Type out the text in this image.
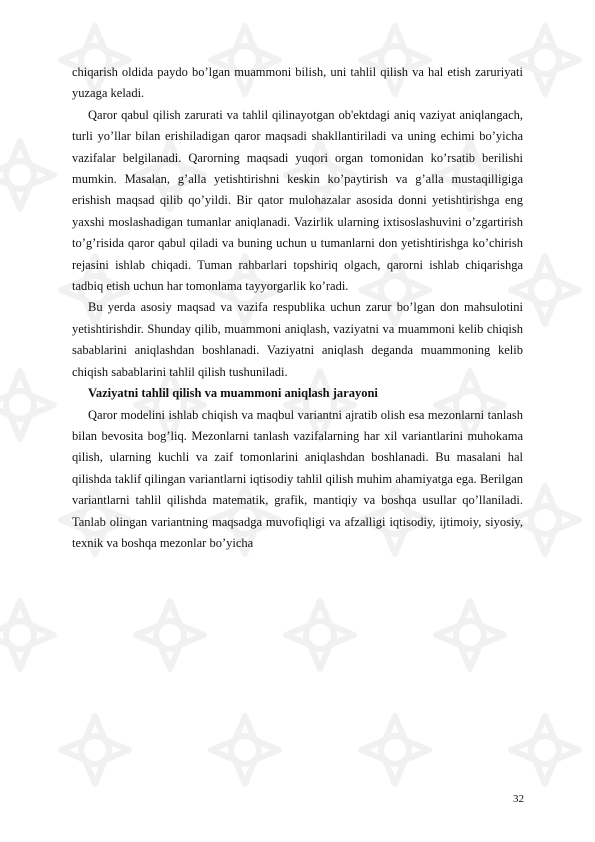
chiqarish oldida paydo bo’lgan muammoni bilish, uni tahlil qilish va hal etish zaruriyati yuzaga keladi.

Qaror qabul qilish zarurati va tahlil qilinayotgan ob'ektdagi aniq vaziyat aniqlangach, turli yo’llar bilan erishiladigan qaror maqsadi shakllantiriladi va uning echimi bo’yicha vazifalar belgilanadi. Qarorning maqsadi yuqori organ tomonidan ko’rsatib berilishi mumkin. Masalan, g’alla yetishtirishni keskin ko’paytirish va g’alla mustaqilligiga erishish maqsad qilib qo’yildi. Bir qator mulohazalar asosida donni yetishtirishga eng yaxshi moslashadigan tumanlar aniqlanadi. Vazirlik ularning ixtisoslashuvini o’zgartirish to’g’risida qaror qabul qiladi va buning uchun u tumanlarni don yetishtirishga ko’chirish rejasini ishlab chiqadi. Tuman rahbarlari topshiriq olgach, qarorni ishlab chiqarishga tadbiq etish uchun har tomonlama tayyorgarlik ko’radi.

Bu yerda asosiy maqsad va vazifa respublika uchun zarur bo’lgan don mahsulotini yetishtirishdir. Shunday qilib, muammoni aniqlash, vaziyatni va muammoni kelib chiqish sabablarini aniqlashdan boshlanadi. Vaziyatni aniqlash deganda muammoning kelib chiqish sabablarini tahlil qilish tushuniladi.

Vaziyatni tahlil qilish va muammoni aniqlash jarayoni

Qaror modelini ishlab chiqish va maqbul variantni ajratib olish esa mezonlarni tanlash bilan bevosita bog’liq. Mezonlarni tanlash vazifalarning har xil variantlarini muhokama qilish, ularning kuchli va zaif tomonlarini aniqlashdan boshlanadi. Bu masalani hal qilishda taklif qilingan variantlarni iqtisodiy tahlil qilish muhim ahamiyatga ega. Berilgan variantlarni tahlil qilishda matematik, grafik, mantiqiy va boshqa usullar qo’llaniladi. Tanlab olingan variantning maqsadga muvofiqligi va afzalligi iqtisodiy, ijtimoiy, siyosiy, texnik va boshqa mezonlar bo’yicha

32
